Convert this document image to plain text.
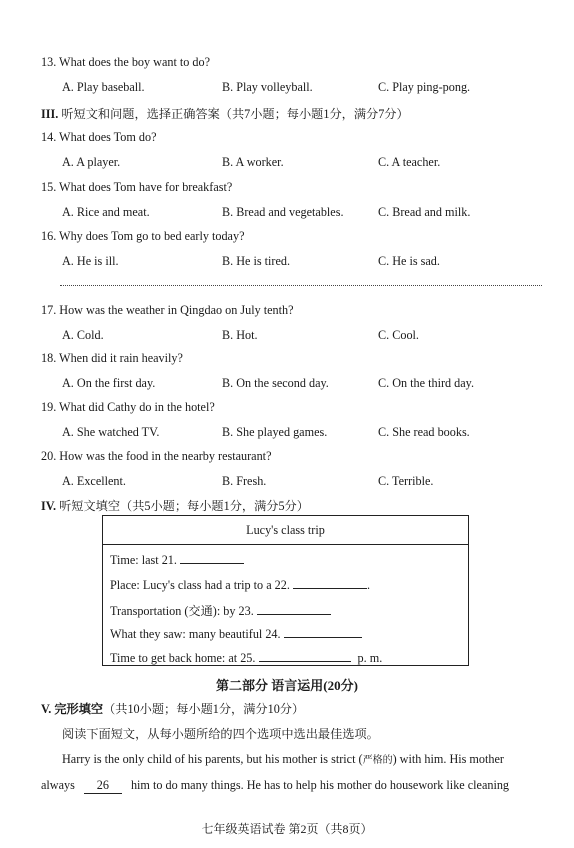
13. What does the boy want to do?
A. Play baseball.	B. Play volleyball.	C. Play ping-pong.
III. 听短文和问题，选择正确答案（共7小题；每小题1分，满分7分）
14. What does Tom do?
A. A player.	B. A worker.	C. A teacher.
15. What does Tom have for breakfast?
A. Rice and meat.	B. Bread and vegetables.	C. Bread and milk.
16. Why does Tom go to bed early today?
A. He is ill.	B. He is tired.	C. He is sad.
17. How was the weather in Qingdao on July tenth?
A. Cold.	B. Hot.	C. Cool.
18. When did it rain heavily?
A. On the first day.	B. On the second day.	C. On the third day.
19. What did Cathy do in the hotel?
A. She watched TV.	B. She played games.	C. She read books.
20. How was the food in the nearby restaurant?
A. Excellent.	B. Fresh.	C. Terrible.
IV. 听短文填空（共5小题；每小题1分，满分5分）
Lucy's class trip
Time: last 21.
Place: Lucy's class had a trip to a 22.	.
Transportation (交通): by 23.
What they saw: many beautiful 24.
Time to get back home: at 25.	p. m.
第二部分 语言运用(20分)
V. 完形填空（共10小题；每小题1分，满分10分）
阅读下面短文，从每小题所给的四个选项中选出最佳选项。
Harry is the only child of his parents, but his mother is strict (严格的) with him. His mother
always 26 him to do many things. He has to help his mother do housework like cleaning
七年级英语试卷 第2页（共8页）
